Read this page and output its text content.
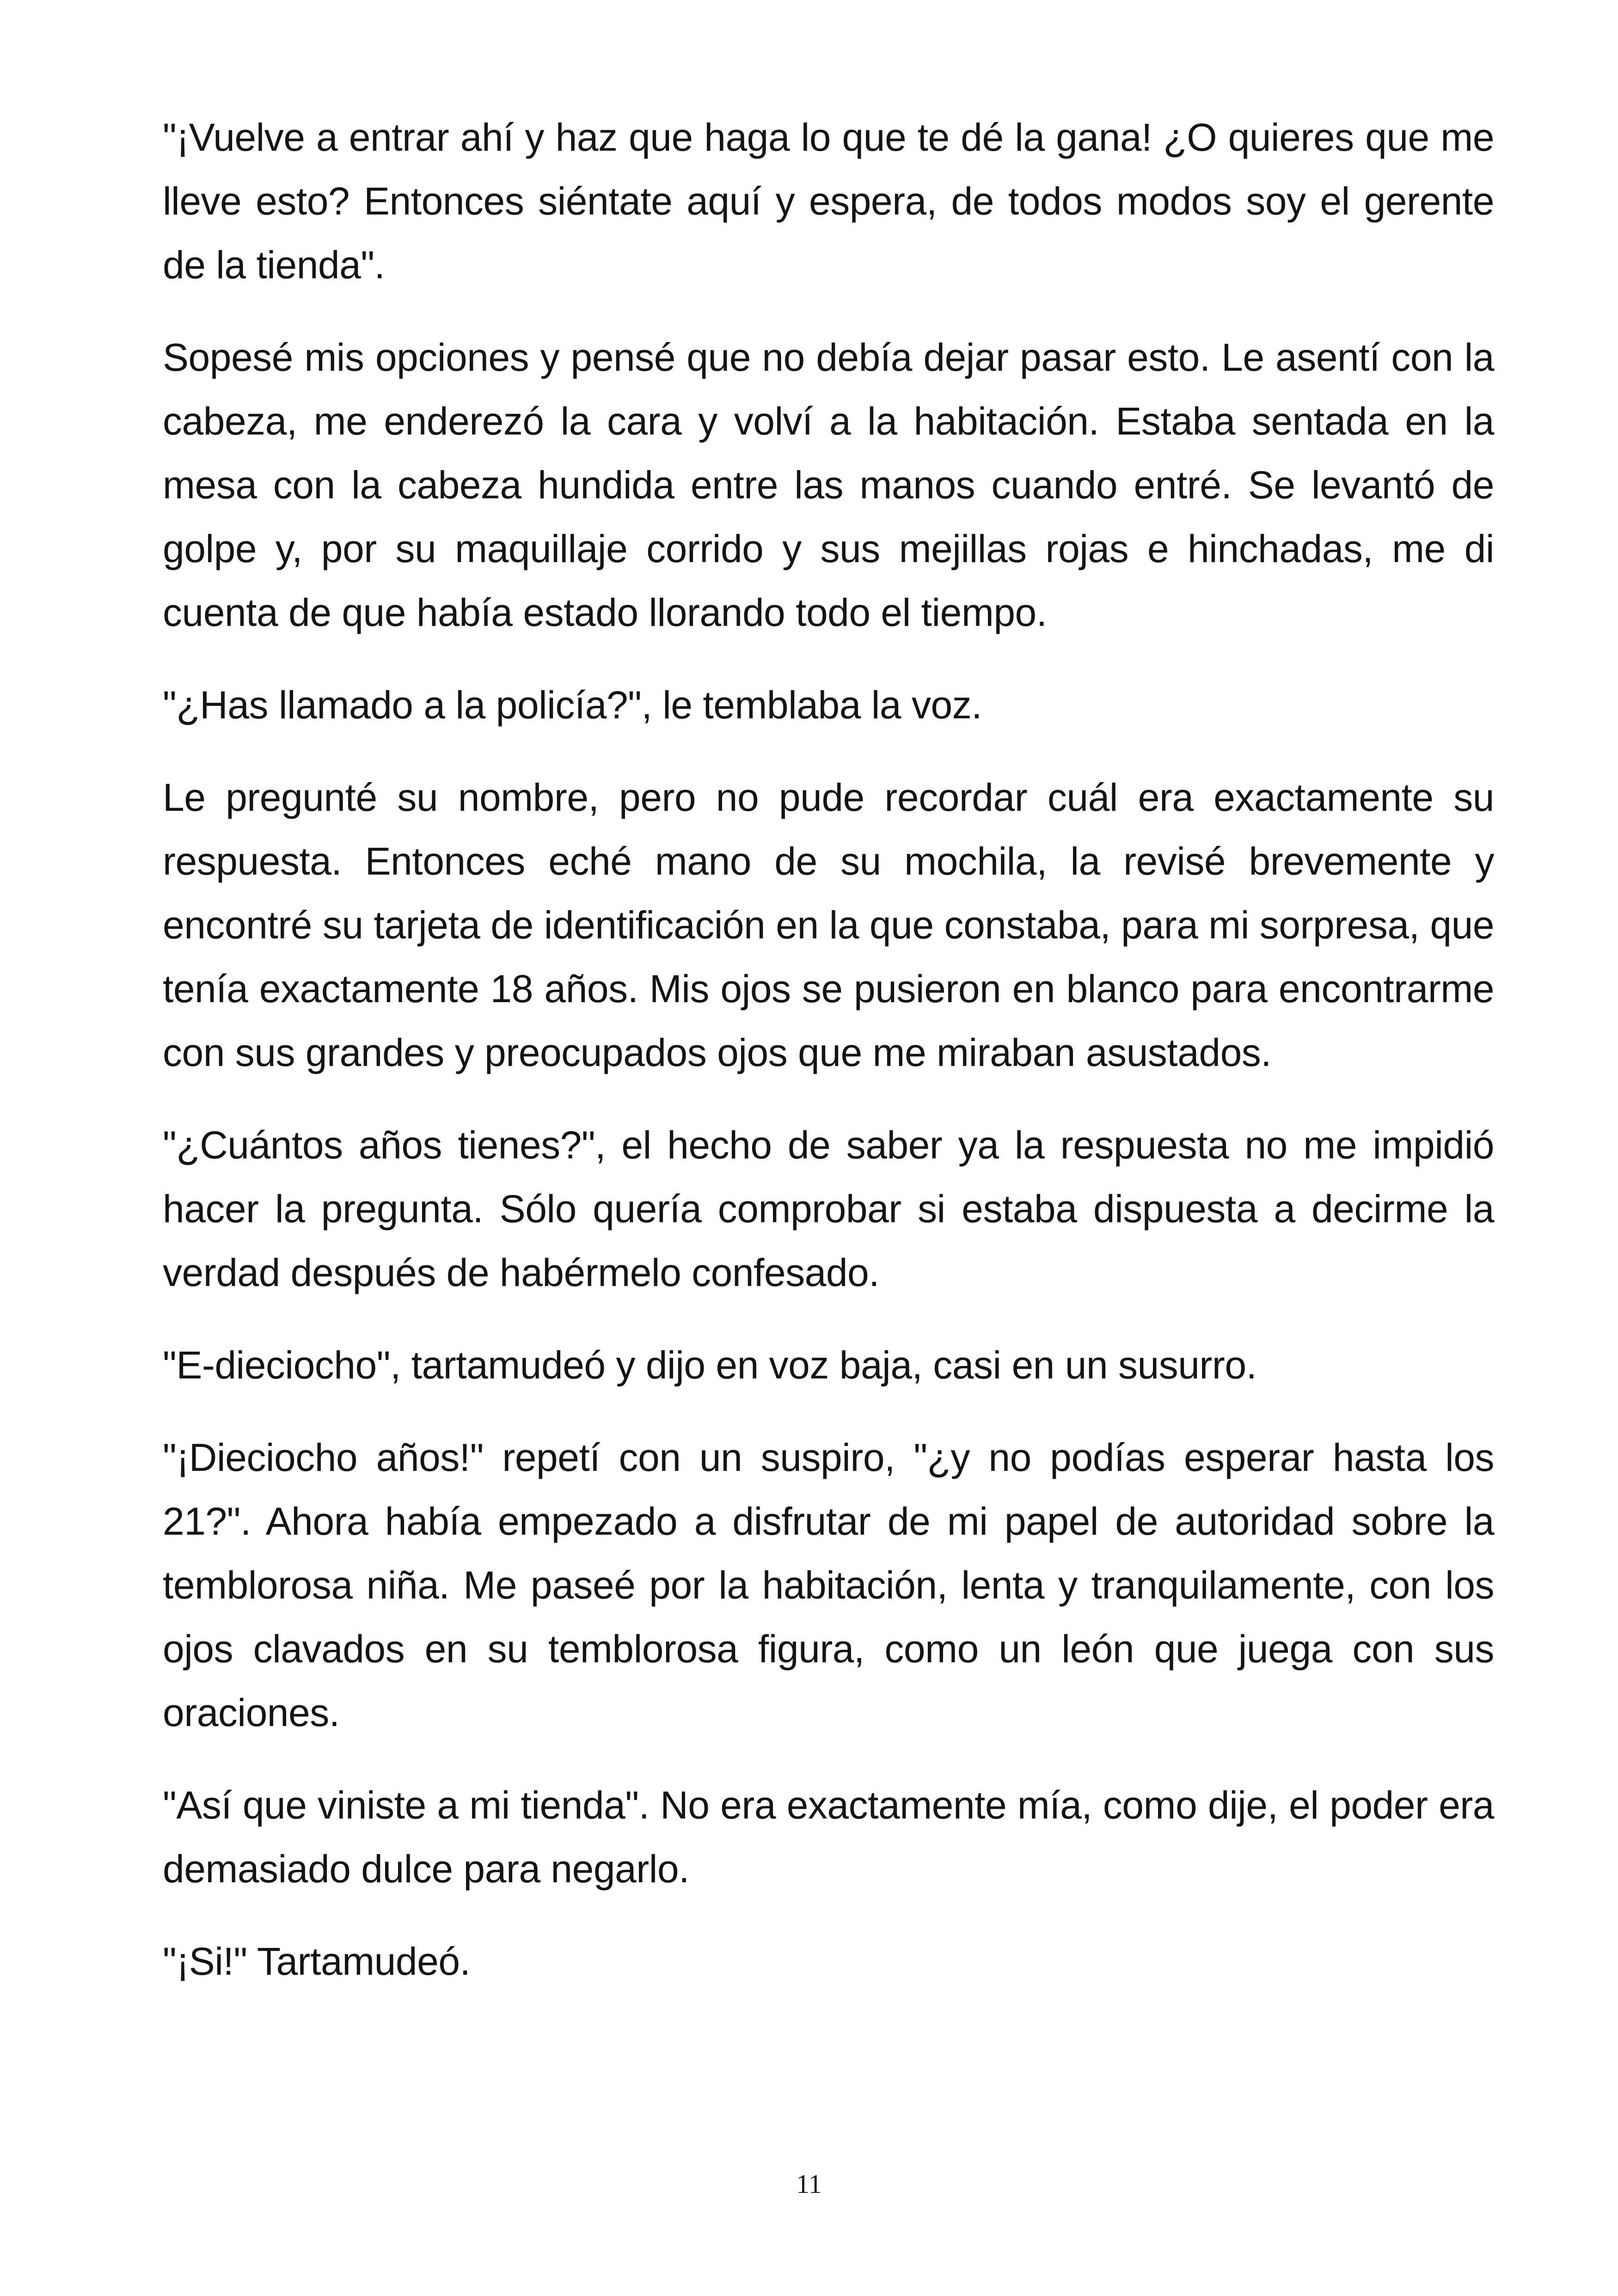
"¡Vuelve a entrar ahí y haz que haga lo que te dé la gana! ¿O quieres que me lleve esto? Entonces siéntate aquí y espera, de todos modos soy el gerente de la tienda".

Sopesé mis opciones y pensé que no debía dejar pasar esto. Le asentí con la cabeza, me enderezó la cara y volví a la habitación. Estaba sentada en la mesa con la cabeza hundida entre las manos cuando entré. Se levantó de golpe y, por su maquillaje corrido y sus mejillas rojas e hinchadas, me di cuenta de que había estado llorando todo el tiempo.

"¿Has llamado a la policía?", le temblaba la voz.

Le pregunté su nombre, pero no pude recordar cuál era exactamente su respuesta. Entonces eché mano de su mochila, la revisé brevemente y encontré su tarjeta de identificación en la que constaba, para mi sorpresa, que tenía exactamente 18 años. Mis ojos se pusieron en blanco para encontrarme con sus grandes y preocupados ojos que me miraban asustados.

"¿Cuántos años tienes?", el hecho de saber ya la respuesta no me impidió hacer la pregunta. Sólo quería comprobar si estaba dispuesta a decirme la verdad después de habérmelo confesado.

"E-dieciocho", tartamudeó y dijo en voz baja, casi en un susurro.

"¡Dieciocho años!" repetí con un suspiro, "¿y no podías esperar hasta los 21?". Ahora había empezado a disfrutar de mi papel de autoridad sobre la temblorosa niña. Me paseé por la habitación, lenta y tranquilamente, con los ojos clavados en su temblorosa figura, como un león que juega con sus oraciones.

"Así que viniste a mi tienda". No era exactamente mía, como dije, el poder era demasiado dulce para negarlo.

"¡Si!" Tartamudeó.

11
